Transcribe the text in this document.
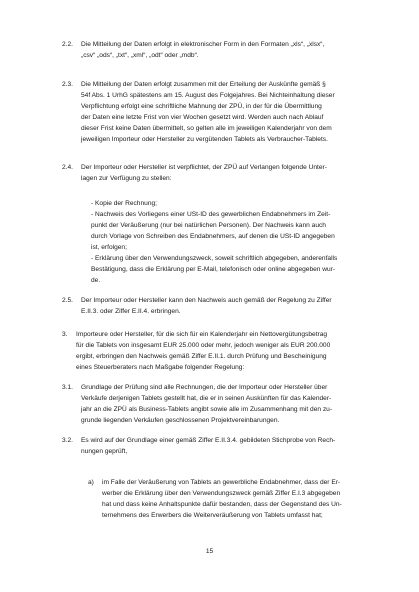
2.2. Die Mitteilung der Daten erfolgt in elektronischer Form in den Formaten „xls“, „xlsx“,
„csv“ „ods“, „txt“, „xml“, „odt“ oder „mdb“.
2.3. Die Mitteilung der Daten erfolgt zusammen mit der Erteilung der Auskünfte gemäß §
54f Abs. 1 UrhG spätestens am 15. August des Folgejahres. Bei Nichteinhaltung dieser
Verpflichtung erfolgt eine schriftliche Mahnung der ZPÜ, in der für die Übermittlung
der Daten eine letzte Frist von vier Wochen gesetzt wird. Werden auch nach Ablauf
dieser Frist keine Daten übermittelt, so gelten alle im jeweiligen Kalenderjahr von dem
jeweiligen Importeur oder Hersteller zu vergütenden Tablets als Verbraucher-Tablets.
2.4. Der Importeur oder Hersteller ist verpflichtet, der ZPÜ auf Verlangen folgende Unter-
lagen zur Verfügung zu stellen:
- Kopie der Rechnung;
- Nachweis des Vorliegens einer USt-ID des gewerblichen Endabnehmers im Zeit-
punkt der Veräußerung (nur bei natürlichen Personen). Der Nachweis kann auch
durch Vorlage von Schreiben des Endabnehmers, auf denen die USt-ID angegeben
ist, erfolgen;
- Erklärung über den Verwendungszweck, soweit schriftlich abgegeben, anderenfalls
Bestätigung, dass die Erklärung per E-Mail, telefonisch oder online abgegeben wur-
de.
2.5. Der Importeur oder Hersteller kann den Nachweis auch gemäß der Regelung zu Ziffer
E.II.3. oder Ziffer E.II.4. erbringen.
3. Importeure oder Hersteller, für die sich für ein Kalenderjahr ein Nettovergütungsbetrag
für die Tablets von insgesamt EUR 25.000 oder mehr, jedoch weniger als EUR 200.000
ergibt, erbringen den Nachweis gemäß Ziffer E.II.1. durch Prüfung und Bescheinigung
eines Steuerberaters nach Maßgabe folgender Regelung:
3.1. Grundlage der Prüfung sind alle Rechnungen, die der Importeur oder Hersteller über
Verkäufe derjenigen Tablets gestellt hat, die er in seinen Auskünften für das Kalender-
jahr an die ZPÜ als Business-Tablets angibt sowie alle im Zusammenhang mit den zu-
grunde liegenden Verkäufen geschlossenen Projektvereinbarungen.
3.2. Es wird auf der Grundlage einer gemäß Ziffer E.II.3.4. gebildeten Stichprobe von Rech-
nungen geprüft,
a) im Falle der Veräußerung von Tablets an gewerbliche Endabnehmer, dass der Er-
werber die Erklärung über den Verwendungszweck gemäß Ziffer E.I.3 abgegeben
hat und dass keine Anhaltspunkte dafür bestanden, dass der Gegenstand des Un-
ternehmens des Erwerbers die Weiterveräußerung von Tablets umfasst hat;
15
